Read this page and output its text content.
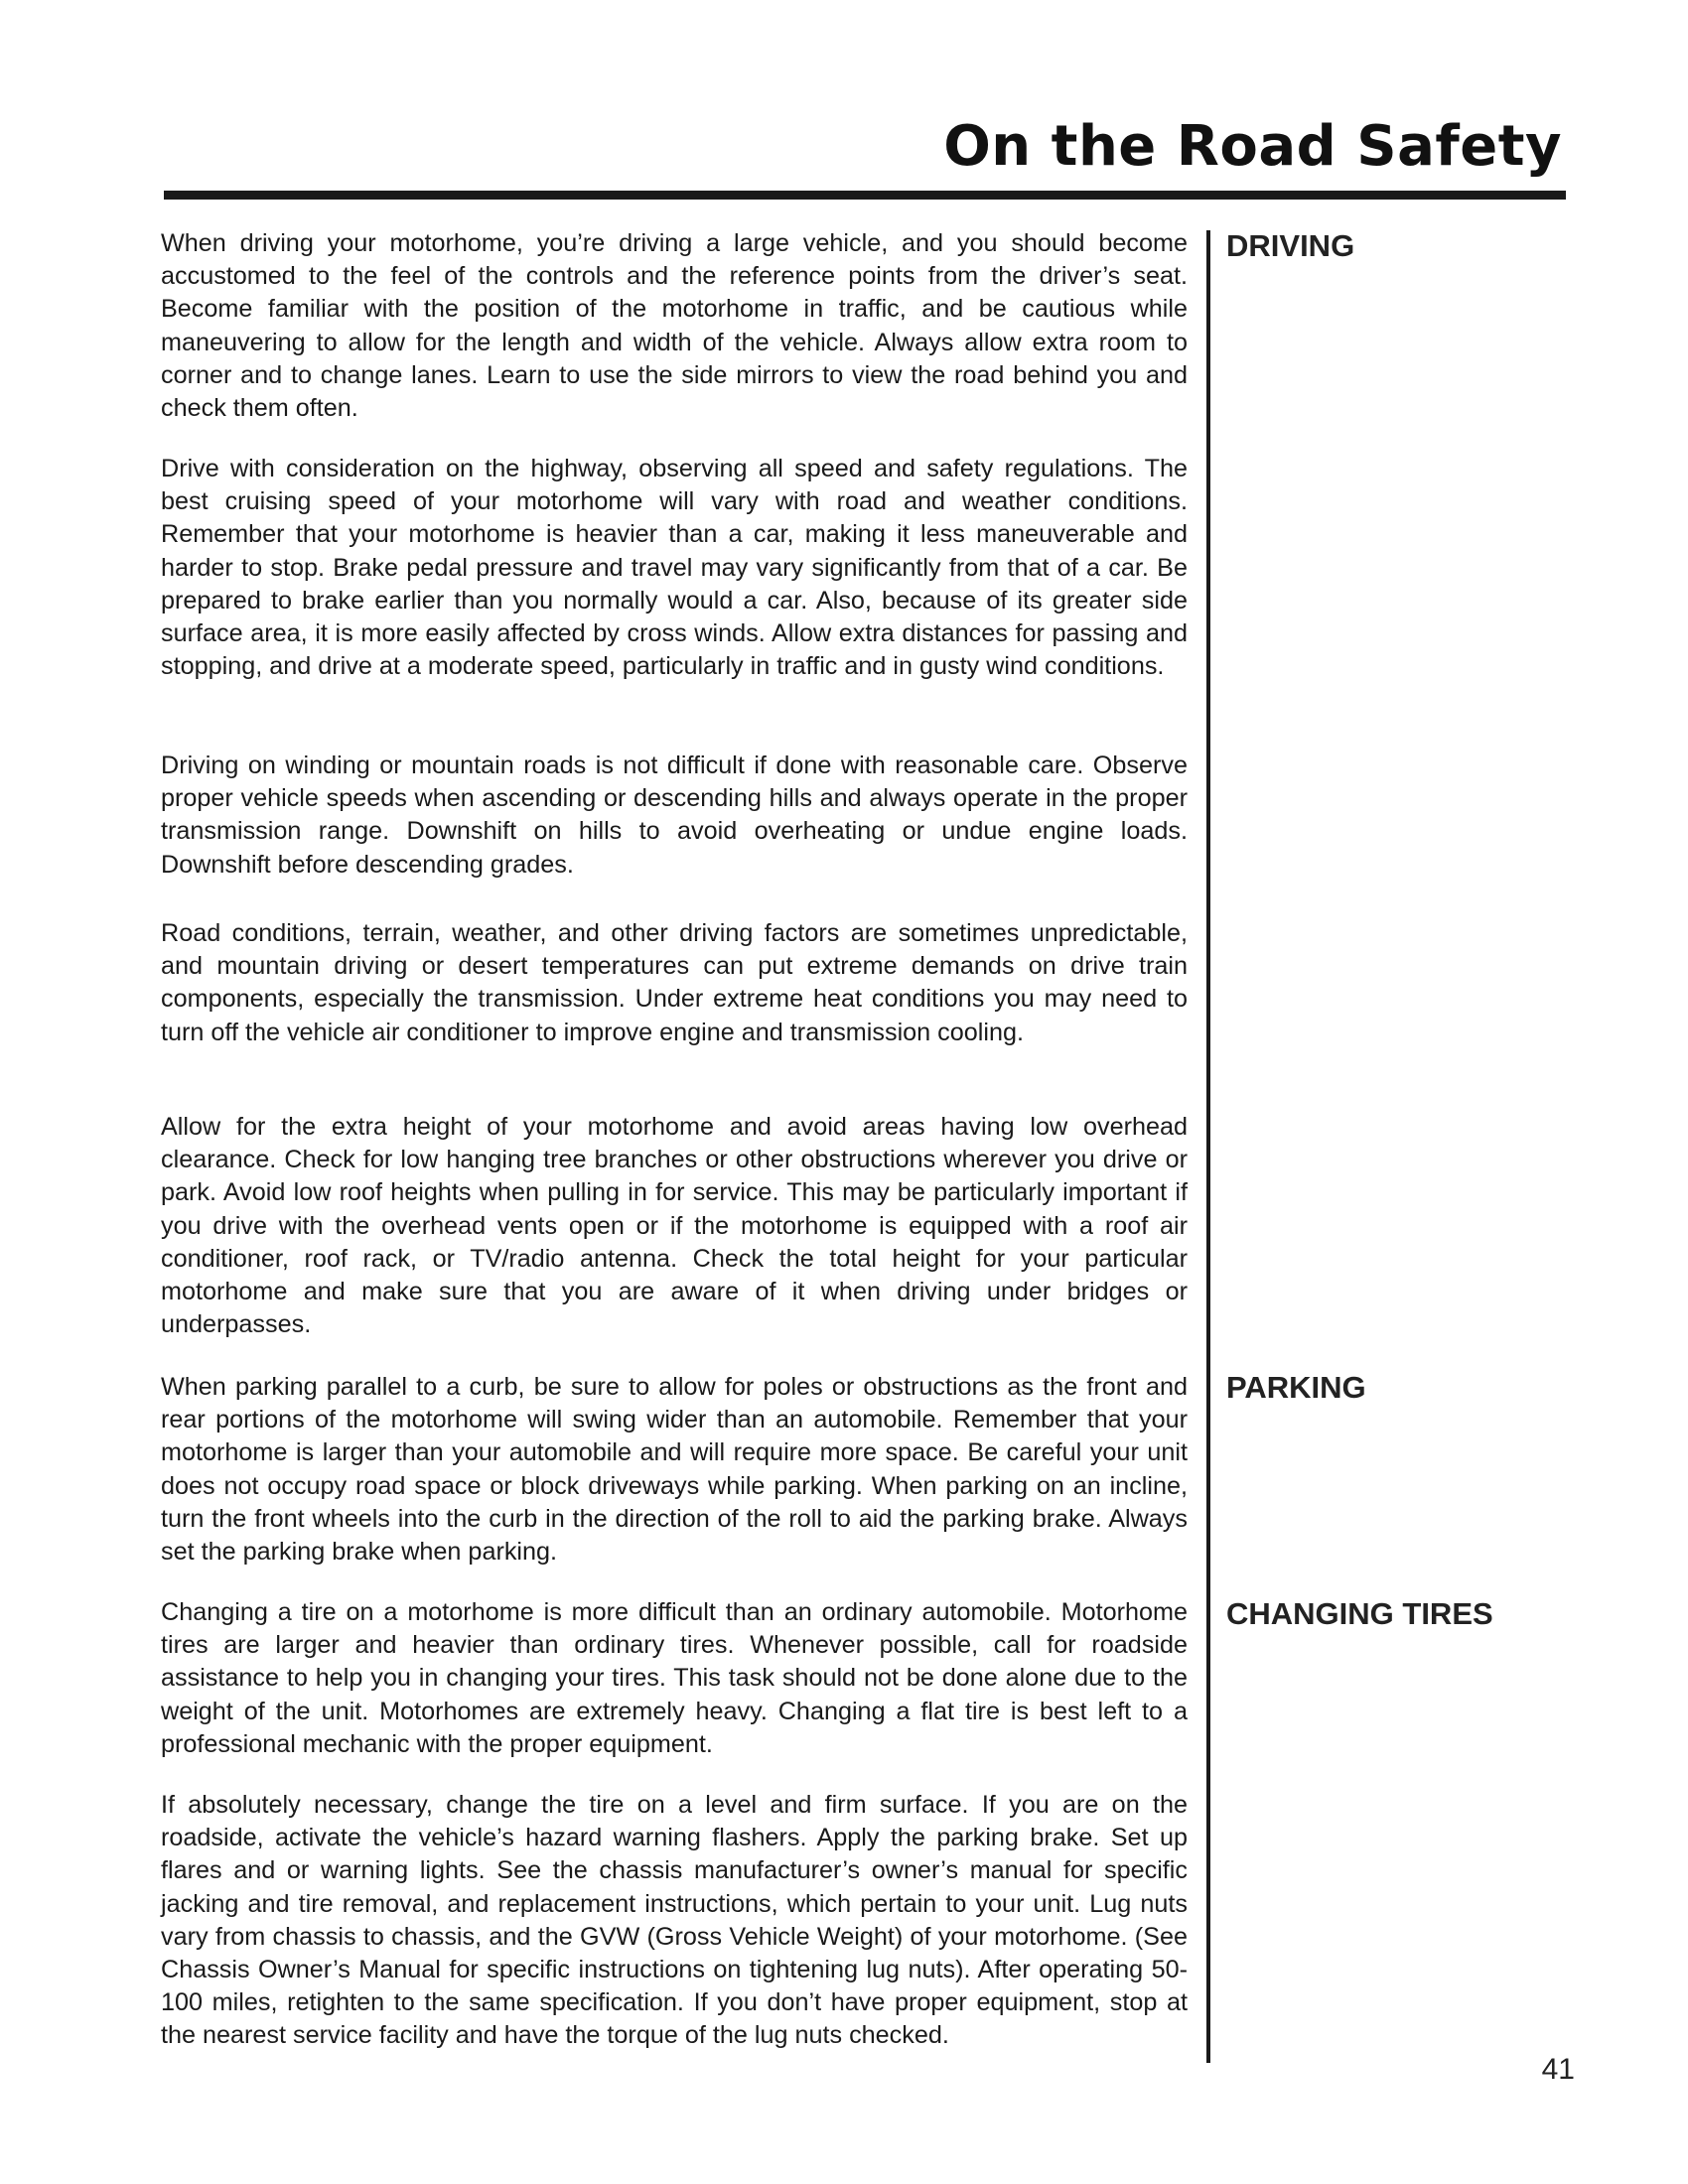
On the Road Safety

When driving your motorhome, you’re driving a large vehicle, and you should become accustomed to the feel of the controls and the reference points from the driver’s seat. Become familiar with the position of the motorhome in traffic, and be cautious while maneuvering to allow for the length and width of the vehicle. Always allow extra room to corner and to change lanes. Learn to use the side mirrors to view the road behind you and check them often.

Drive with consideration on the highway, observing all speed and safety regulations. The best cruising speed of your motorhome will vary with road and weather conditions. Remember that your motorhome is heavier than a car, making it less maneuverable and harder to stop. Brake pedal pressure and travel may vary significantly from that of a car. Be prepared to brake earlier than you normally would a car. Also, because of its greater side surface area, it is more easily affected by cross winds. Allow extra distances for passing and stopping, and drive at a moderate speed, particularly in traffic and in gusty wind conditions.

Driving on winding or mountain roads is not difficult if done with reasonable care. Observe proper vehicle speeds when ascending or descending hills and always operate in the proper transmission range. Downshift on hills to avoid overheating or undue engine loads. Downshift before descending grades.

Road conditions, terrain, weather, and other driving factors are sometimes unpredictable, and mountain driving or desert temperatures can put extreme demands on drive train components, especially the transmission. Under extreme heat conditions you may need to turn off the vehicle air conditioner to improve engine and transmission cooling.

Allow for the extra height of your motorhome and avoid areas having low overhead clearance. Check for low hanging tree branches or other obstructions wherever you drive or park. Avoid low roof heights when pulling in for service. This may be particularly important if you drive with the overhead vents open or if the motorhome is equipped with a roof air conditioner, roof rack, or TV/radio antenna. Check the total height for your particular motorhome and make sure that you are aware of it when driving under bridges or underpasses.

When parking parallel to a curb, be sure to allow for poles or obstructions as the front and rear portions of the motorhome will swing wider than an automobile. Remember that your motorhome is larger than your automobile and will require more space. Be careful your unit does not occupy road space or block driveways while parking. When parking on an incline, turn the front wheels into the curb in the direction of the roll to aid the parking brake. Always set the parking brake when parking.

Changing a tire on a motorhome is more difficult than an ordinary automobile. Motorhome tires are larger and heavier than ordinary tires. Whenever possible, call for roadside assistance to help you in changing your tires. This task should not be done alone due to the weight of the unit. Motorhomes are extremely heavy. Changing a flat tire is best left to a professional mechanic with the proper equipment.

If absolutely necessary, change the tire on a level and firm surface. If you are on the roadside, activate the vehicle’s hazard warning flashers. Apply the parking brake. Set up flares and or warning lights. See the chassis manufacturer’s owner’s manual for specific jacking and tire removal, and replacement instructions, which pertain to your unit. Lug nuts vary from chassis to chassis, and the GVW (Gross Vehicle Weight) of your motorhome. (See Chassis Owner’s Manual for specific instructions on tightening lug nuts). After operating 50-100 miles, retighten to the same specification. If you don’t have proper equipment, stop at the nearest service facility and have the torque of the lug nuts checked.

DRIVING
PARKING
CHANGING TIRES
41
